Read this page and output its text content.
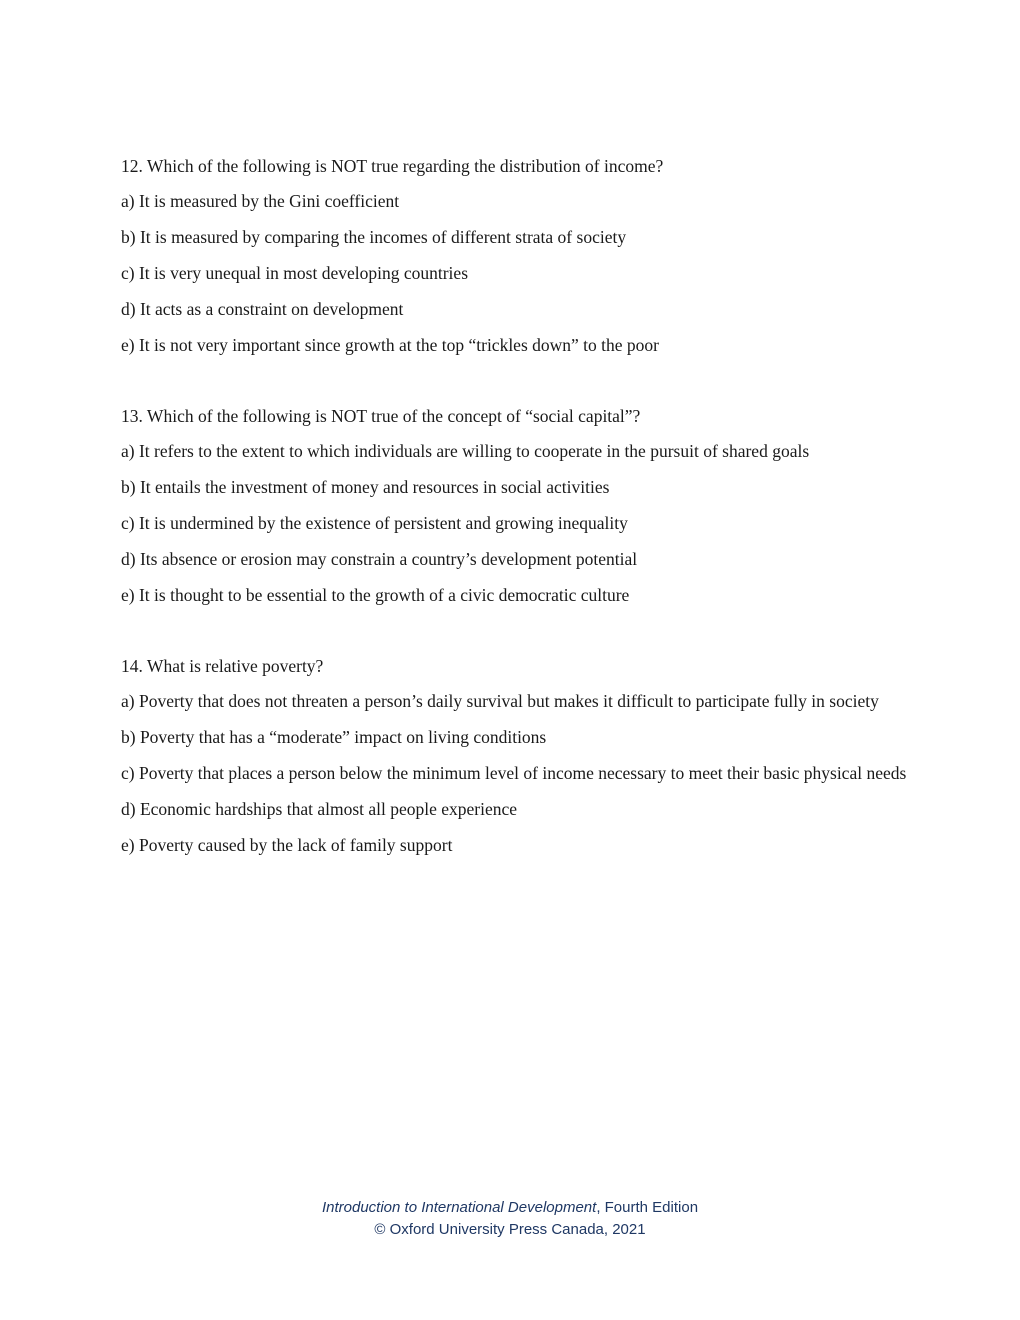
12. Which of the following is NOT true regarding the distribution of income?

a) It is measured by the Gini coefficient

b) It is measured by comparing the incomes of different strata of society

c) It is very unequal in most developing countries

d) It acts as a constraint on development

e) It is not very important since growth at the top “trickles down” to the poor

13. Which of the following is NOT true of the concept of “social capital”?

a) It refers to the extent to which individuals are willing to cooperate in the pursuit of shared goals

b) It entails the investment of money and resources in social activities

c) It is undermined by the existence of persistent and growing inequality

d) Its absence or erosion may constrain a country’s development potential

e) It is thought to be essential to the growth of a civic democratic culture

14. What is relative poverty?

a) Poverty that does not threaten a person’s daily survival but makes it difficult to participate fully in society

b) Poverty that has a “moderate” impact on living conditions

c) Poverty that places a person below the minimum level of income necessary to meet their basic physical needs

d) Economic hardships that almost all people experience

e) Poverty caused by the lack of family support

Introduction to International Development, Fourth Edition
© Oxford University Press Canada, 2021
